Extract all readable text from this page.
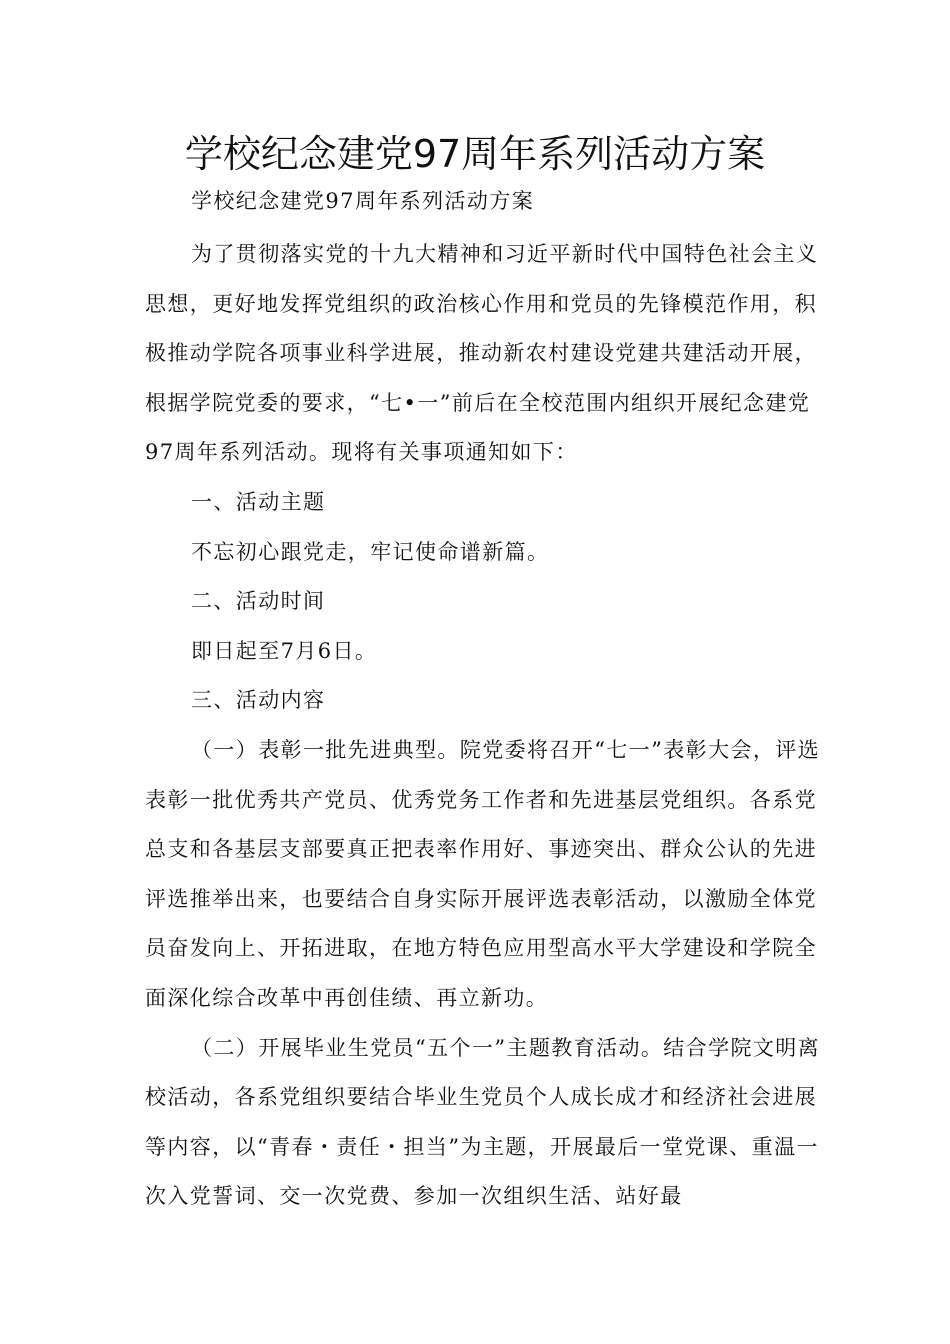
学校纪念建党97周年系列活动方案

学校纪念建党97周年系列活动方案

为了贯彻落实党的十九大精神和习近平新时代中国特色社会主义思想，更好地发挥党组织的政治核心作用和党员的先锋模范作用，积极推动学院各项事业科学进展，推动新农村建设党建共建活动开展，根据学院党委的要求，“七•一”前后在全校范围内组织开展纪念建党97周年系列活动。现将有关事项通知如下：

一、活动主题

不忘初心跟党走，牢记使命谱新篇。

二、活动时间

即日起至7月6日。

三、活动内容

（一）表彰一批先进典型。院党委将召开“七一”表彰大会，评选表彰一批优秀共产党员、优秀党务工作者和先进基层党组织。各系党总支和各基层支部要真正把表率作用好、事迹突出、群众公认的先进评选推举出来，也要结合自身实际开展评选表彰活动，以激励全体党员奋发向上、开拓进取，在地方特色应用型高水平大学建设和学院全面深化综合改革中再创佳绩、再立新功。

（二）开展毕业生党员“五个一”主题教育活动。结合学院文明离校活动，各系党组织要结合毕业生党员个人成长成才和经济社会进展等内容，以“青春・责任・担当”为主题，开展最后一堂党课、重温一次入党誓词、交一次党费、参加一次组织生活、站好最
